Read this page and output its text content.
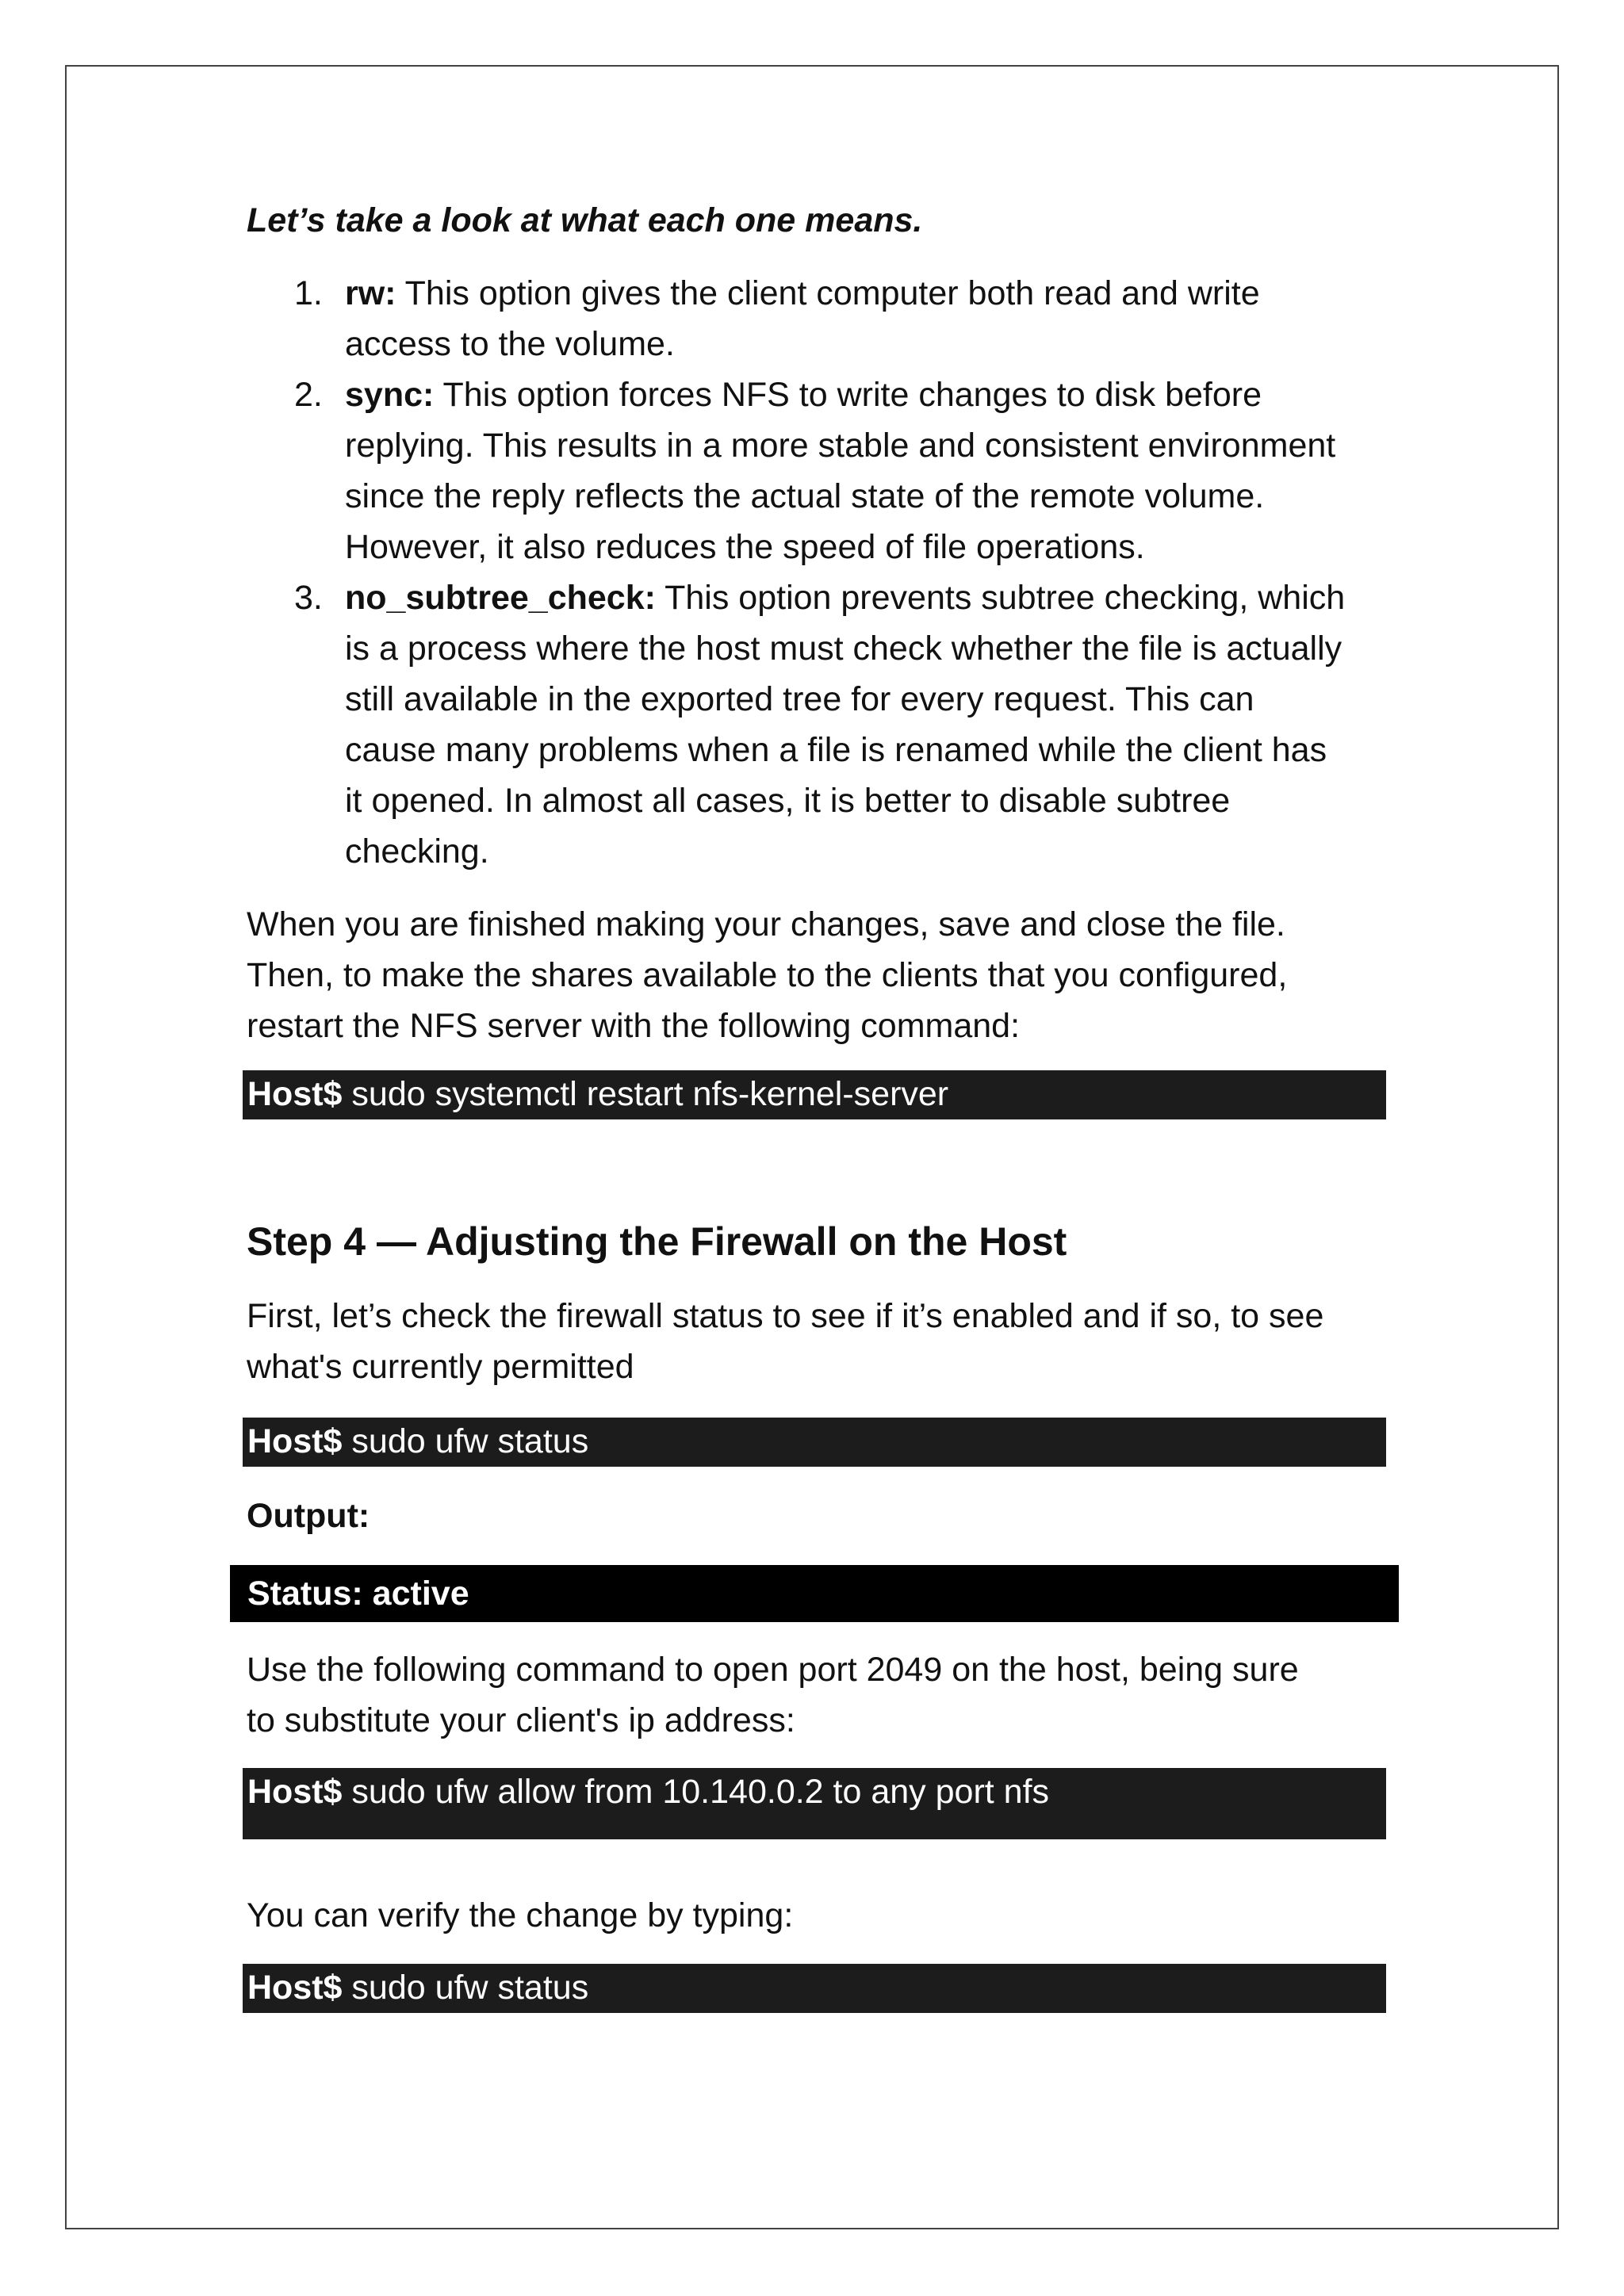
Let’s take a look at what each one means.
1. rw: This option gives the client computer both read and write
access to the volume.
2. sync: This option forces NFS to write changes to disk before
replying. This results in a more stable and consistent environment
since the reply reflects the actual state of the remote volume.
However, it also reduces the speed of file operations.
3. no_subtree_check: This option prevents subtree checking, which
is a process where the host must check whether the file is actually
still available in the exported tree for every request. This can
cause many problems when a file is renamed while the client has
it opened. In almost all cases, it is better to disable subtree
checking.
When you are finished making your changes, save and close the file.
Then, to make the shares available to the clients that you configured,
restart the NFS server with the following command:
Host$ sudo systemctl restart nfs-kernel-server
Step 4 — Adjusting the Firewall on the Host
First, let’s check the firewall status to see if it’s enabled and if so, to see
what's currently permitted
Host$ sudo ufw status
Output:
Status: active
Use the following command to open port 2049 on the host, being sure
to substitute your client's ip address:
Host$ sudo ufw allow from 10.140.0.2 to any port nfs
You can verify the change by typing:
Host$ sudo ufw status
